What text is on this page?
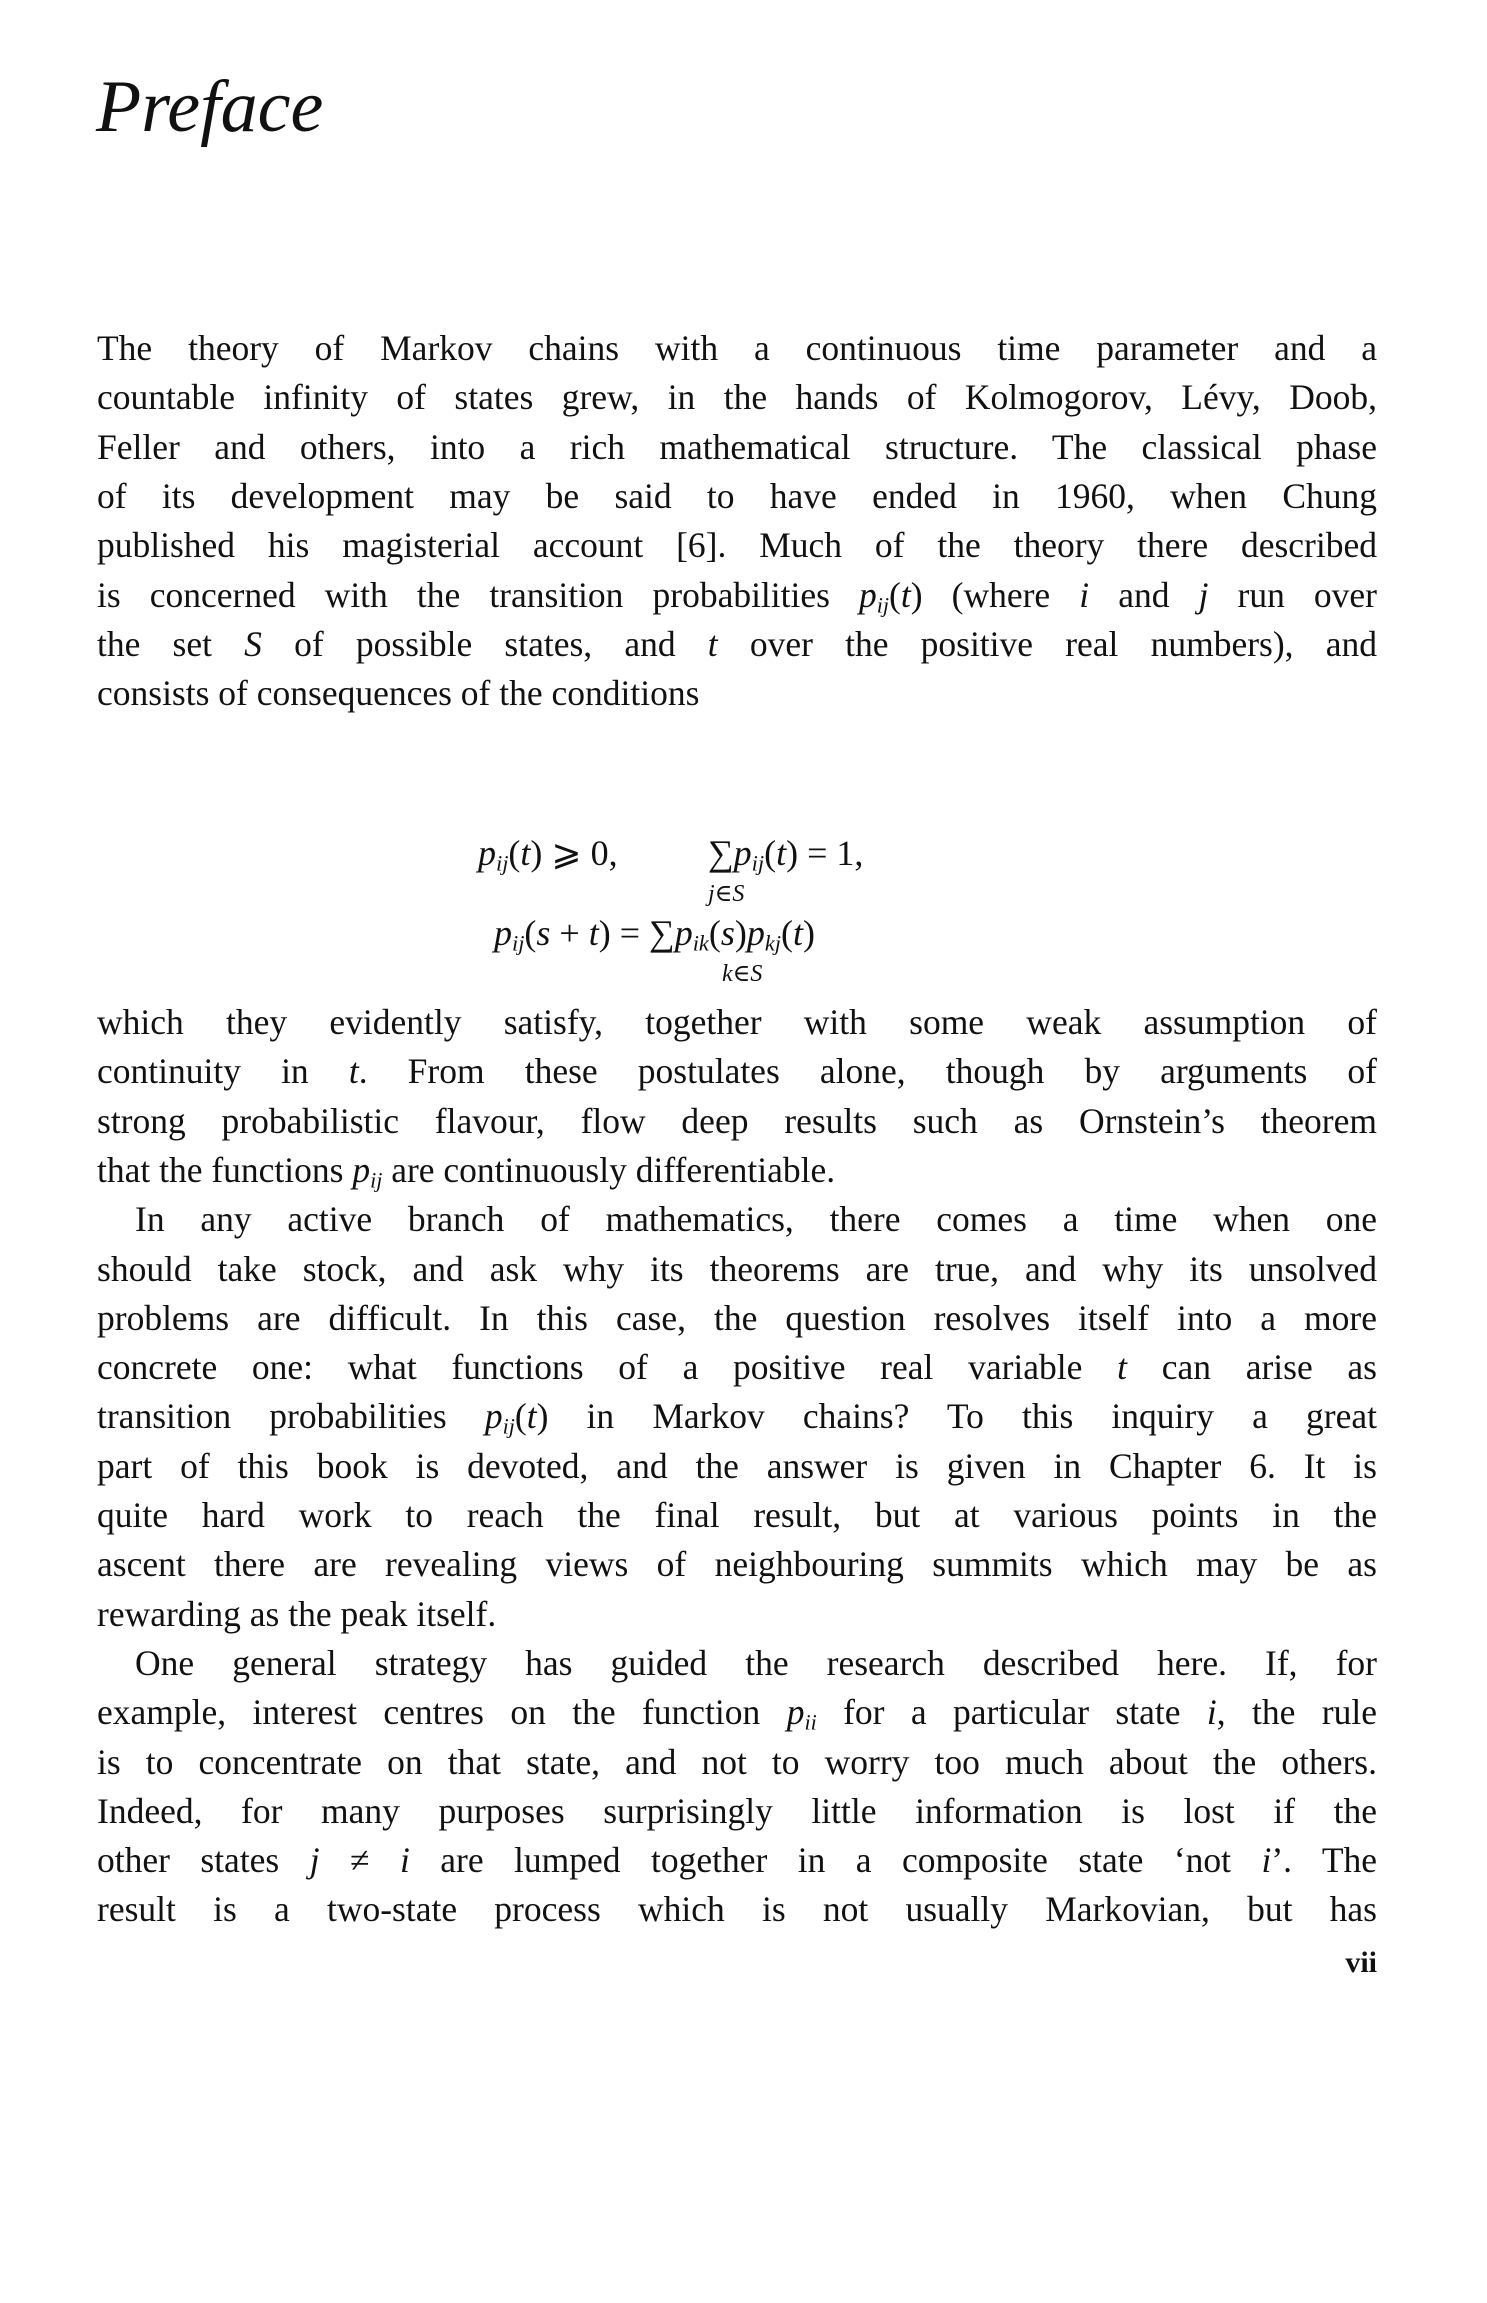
Preface
The theory of Markov chains with a continuous time parameter and a
countable infinity of states grew, in the hands of Kolmogorov, Lévy, Doob,
Feller and others, into a rich mathematical structure. The classical phase
of its development may be said to have ended in 1960, when Chung
published his magisterial account [6]. Much of the theory there described
is concerned with the transition probabilities $p_{ij}(t)$ (where i and j run over
the set S of possible states, and t over the positive real numbers), and
consists of consequences of the conditions
$p_{ij}(t)$ ⩾ 0,	$\sum p_{ij}(t) = 1$,
j∈S
$p_{ij}(s + t) = \sum p_{ik}(s)p_{kj}(t)$
k∈S
which they evidently satisfy, together with some weak assumption of
continuity in t. From these postulates alone, though by arguments of
strong probabilistic flavour, flow deep results such as Ornstein’s theorem
that the functions $p_{ij}$ are continuously differentiable.
In any active branch of mathematics, there comes a time when one
should take stock, and ask why its theorems are true, and why its unsolved
problems are difficult. In this case, the question resolves itself into a more
concrete one: what functions of a positive real variable t can arise as
transition probabilities $p_{ij}(t)$ in Markov chains? To this inquiry a great
part of this book is devoted, and the answer is given in Chapter 6. It is
quite hard work to reach the final result, but at various points in the
ascent there are revealing views of neighbouring summits which may be as
rewarding as the peak itself.
One general strategy has guided the research described here. If, for
example, interest centres on the function $p_{ii}$ for a particular state i, the rule
is to concentrate on that state, and not to worry too much about the others.
Indeed, for many purposes surprisingly little information is lost if the
other states j ≠ i are lumped together in a composite state ‘not i’. The
result is a two-state process which is not usually Markovian, but has
vii
